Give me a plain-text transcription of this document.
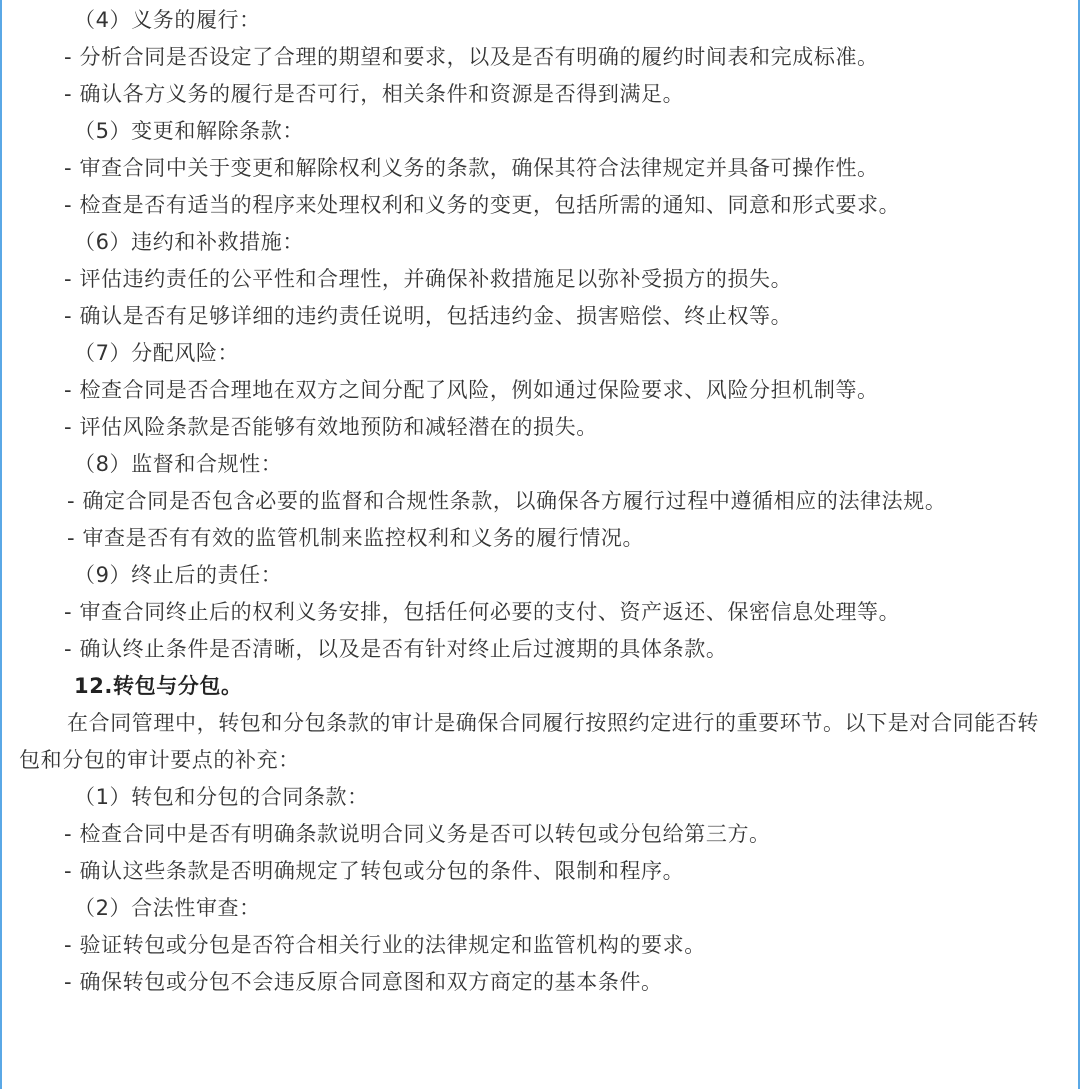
（4）义务的履行：
- 分析合同是否设定了合理的期望和要求，以及是否有明确的履约时间表和完成标准。
- 确认各方义务的履行是否可行，相关条件和资源是否得到满足。
（5）变更和解除条款：
- 审查合同中关于变更和解除权利义务的条款，确保其符合法律规定并具备可操作性。
- 检查是否有适当的程序来处理权利和义务的变更，包括所需的通知、同意和形式要求。
（6）违约和补救措施：
- 评估违约责任的公平性和合理性，并确保补救措施足以弥补受损方的损失。
- 确认是否有足够详细的违约责任说明，包括违约金、损害赔偿、终止权等。
（7）分配风险：
- 检查合同是否合理地在双方之间分配了风险，例如通过保险要求、风险分担机制等。
- 评估风险条款是否能够有效地预防和减轻潜在的损失。
（8）监督和合规性：
- 确定合同是否包含必要的监督和合规性条款，以确保各方履行过程中遵循相应的法律法规。
- 审查是否有有效的监管机制来监控权利和义务的履行情况。
（9）终止后的责任：
- 审查合同终止后的权利义务安排，包括任何必要的支付、资产返还、保密信息处理等。
- 确认终止条件是否清晰，以及是否有针对终止后过渡期的具体条款。
12.转包与分包。
在合同管理中，转包和分包条款的审计是确保合同履行按照约定进行的重要环节。以下是对合同能否转包和分包的审计要点的补充：
（1）转包和分包的合同条款：
- 检查合同中是否有明确条款说明合同义务是否可以转包或分包给第三方。
- 确认这些条款是否明确规定了转包或分包的条件、限制和程序。
（2）合法性审查：
- 验证转包或分包是否符合相关行业的法律规定和监管机构的要求。
- 确保转包或分包不会违反原合同意图和双方商定的基本条件。
